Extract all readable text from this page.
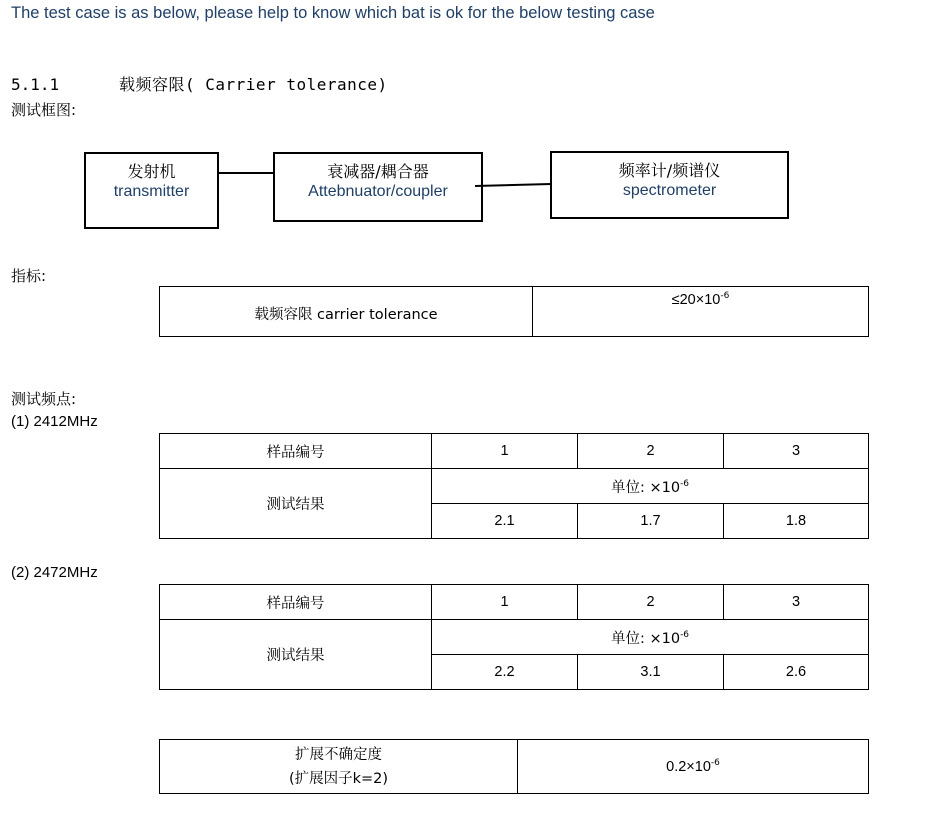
The test case is as below, please help to know which bat is ok for the below testing case
5.1.1	载频容限( Carrier tolerance)
测试框图:
发射机
transmitter
衰减器/耦合器
Attebnuator/coupler
频率计/频谱仪
spectrometer
指标:
载频容限 carrier tolerance	$\le 20\times 10^{-6}$
测试频点:
(1) 2412MHz
样品编号	1	2	3
测试结果	单位: $\times 10^{-6}$
	2.1	1.7	1.8
(2) 2472MHz
样品编号	1	2	3
测试结果	单位: $\times 10^{-6}$
	2.2	3.1	2.6
扩展不确定度
(扩展因子k=2)	$0.2\times 10^{-6}$
